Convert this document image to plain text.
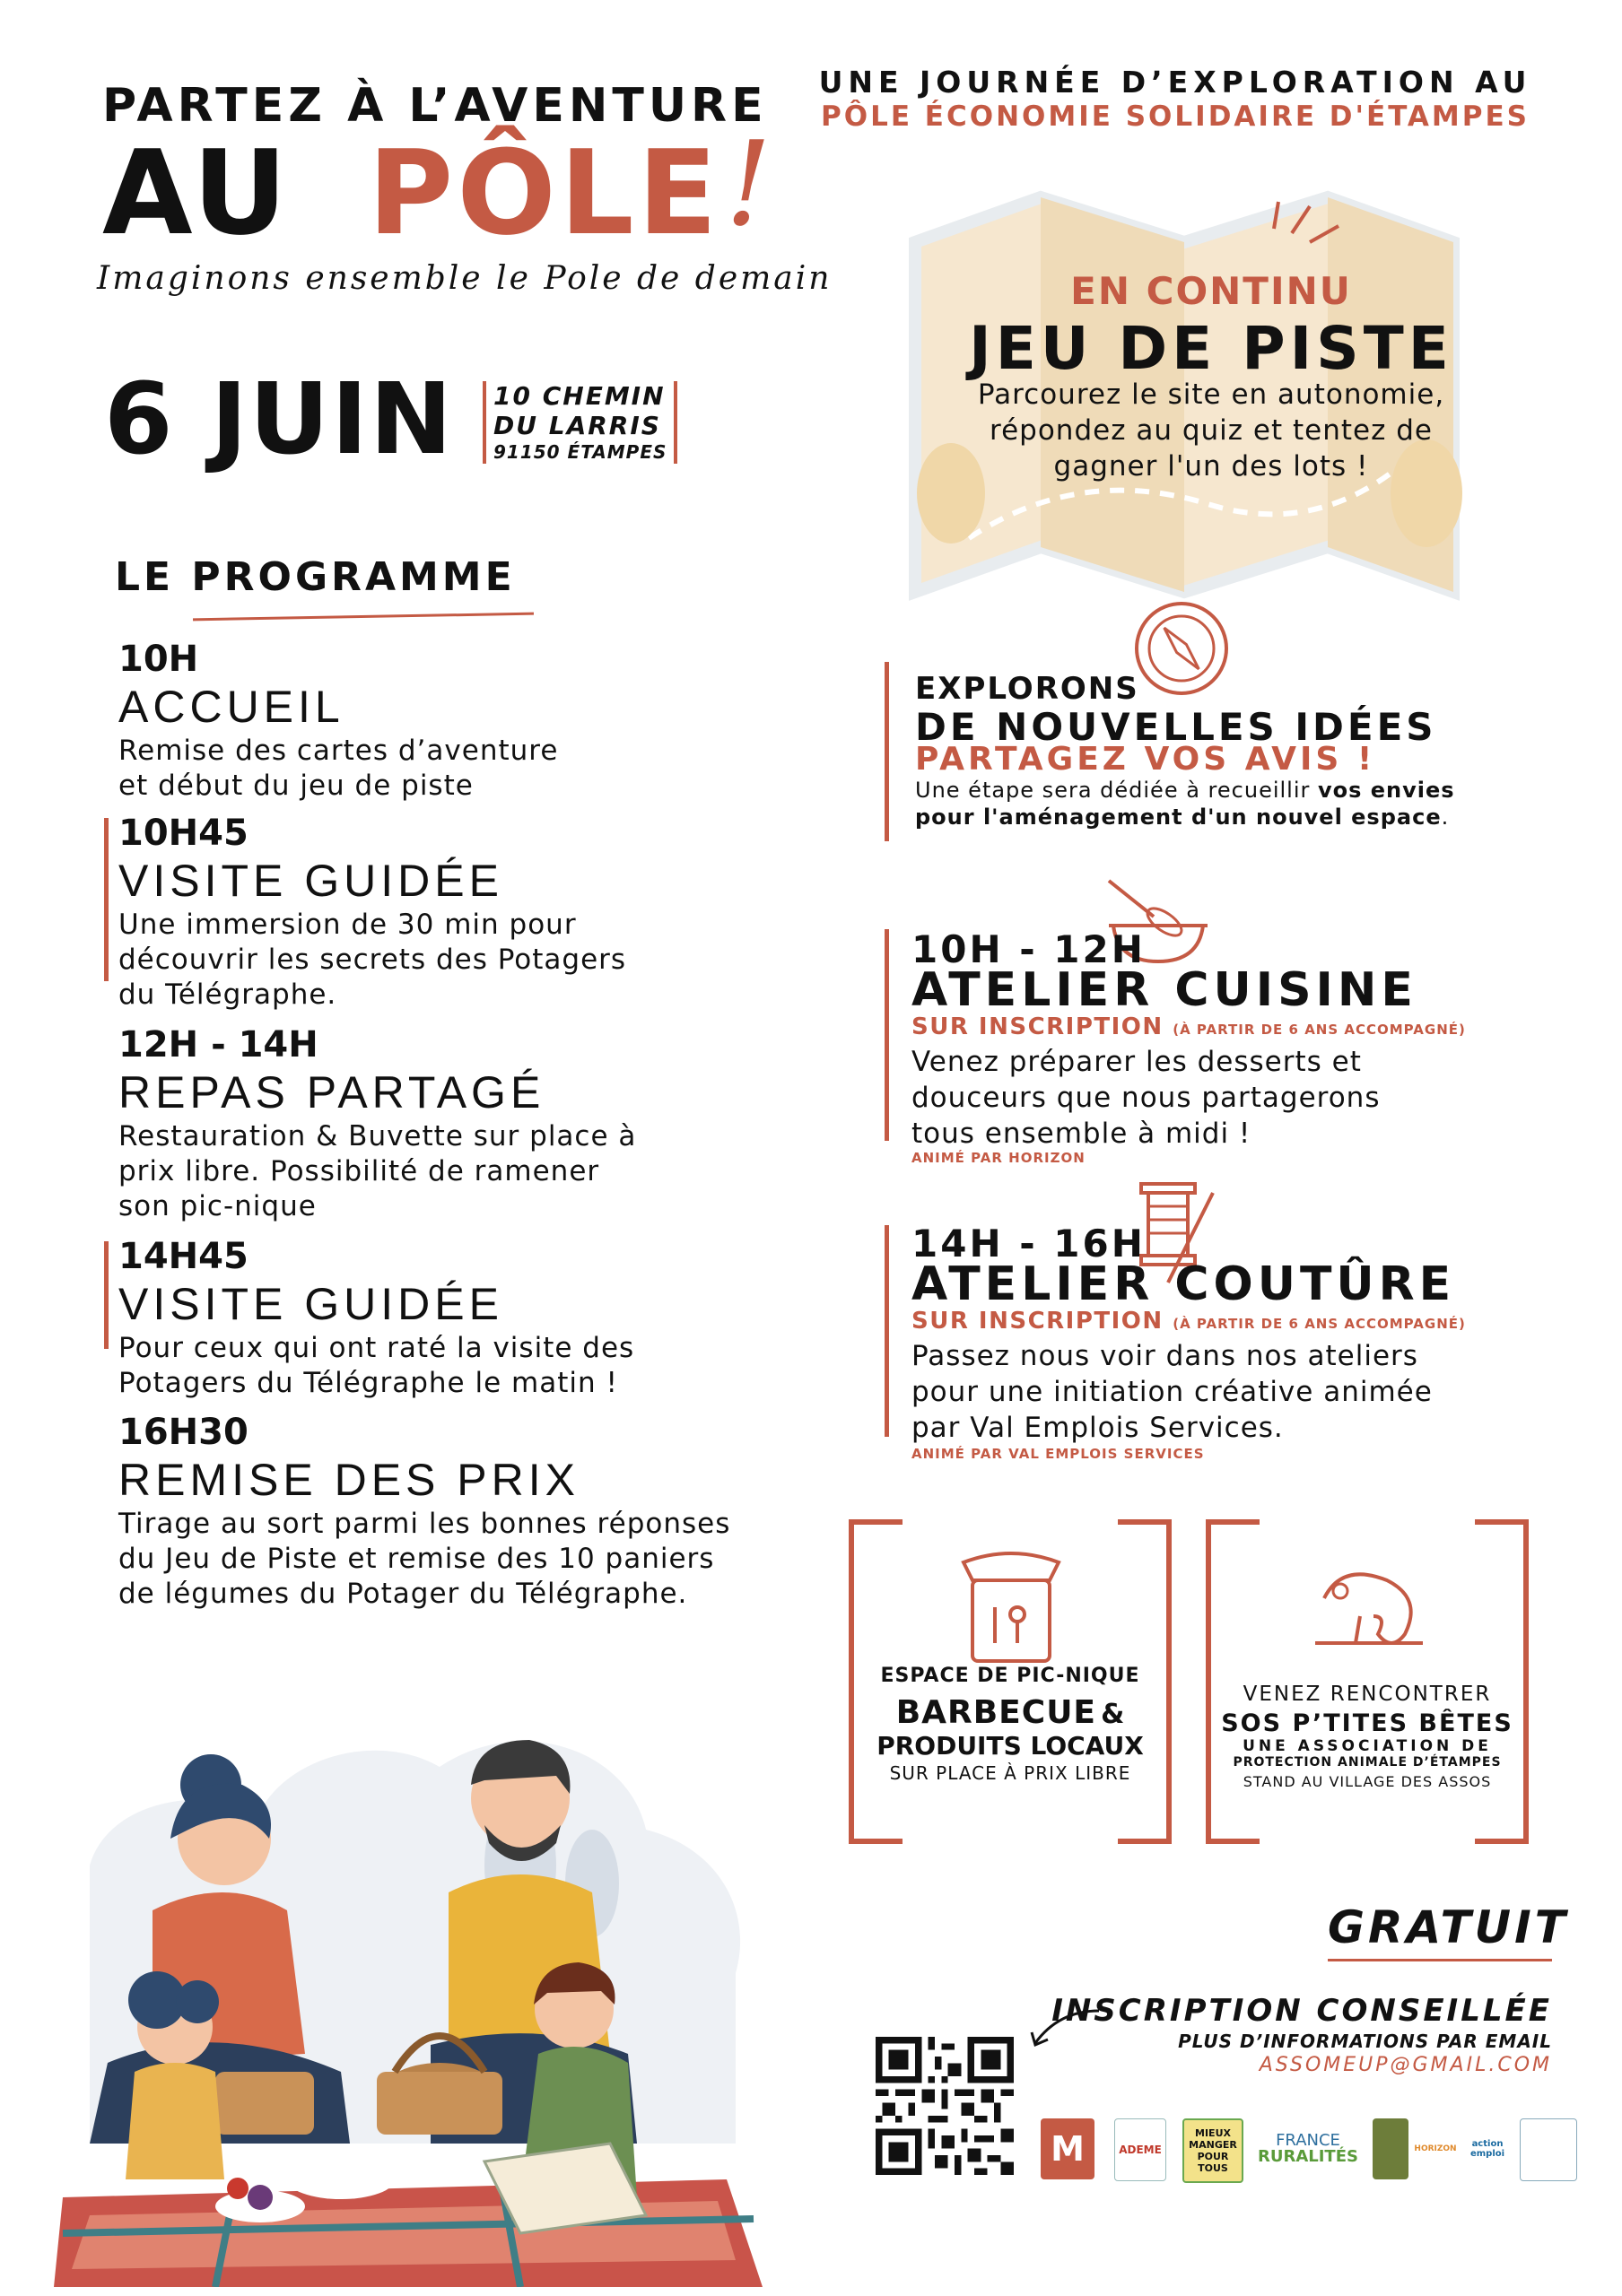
PARTEZ À L’AVENTURE
AU PÔLE !
Imaginons ensemble le Pole de demain
6 JUIN 10 CHEMIN
DU LARRIS
91150 ÉTAMPES
LE PROGRAMME
10H
ACCUEIL
Remise des cartes d’aventure
et début du jeu de piste
10H45
VISITE GUIDÉE
Une immersion de 30 min pour
découvrir les secrets des Potagers
du Télégraphe.
12H - 14H
REPAS PARTAGÉ
Restauration & Buvette sur place à
prix libre. Possibilité de ramener
son pic-nique
14H45
VISITE GUIDÉE
Pour ceux qui ont raté la visite des
Potagers du Télégraphe le matin !
16H30
REMISE DES PRIX
Tirage au sort parmi les bonnes réponses
du Jeu de Piste et remise des 10 paniers
de légumes du Potager du Télégraphe.
UNE JOURNÉE D’EXPLORATION AU
PÔLE ÉCONOMIE SOLIDAIRE D'ÉTAMPES
EN CONTINU
JEU DE PISTE
Parcourez le site en autonomie,
répondez au quiz et tentez de
gagner l'un des lots !
EXPLORONS
DE NOUVELLES IDÉES
PARTAGEZ VOS AVIS !
Une étape sera dédiée à recueillir vos envies
pour l'aménagement d'un nouvel espace.
10H - 12H
ATELIER CUISINE
SUR INSCRIPTION (À PARTIR DE 6 ANS ACCOMPAGNÉ)
Venez préparer les desserts et
douceurs que nous partagerons
tous ensemble à midi !
ANIMÉ PAR HORIZON
14H - 16H
ATELIER COUTÛRE
SUR INSCRIPTION (À PARTIR DE 6 ANS ACCOMPAGNÉ)
Passez nous voir dans nos ateliers
pour une initiation créative animée
par Val Emplois Services.
ANIMÉ PAR VAL EMPLOIS SERVICES
ESPACE DE PIC-NIQUE
BARBECUE &
PRODUITS LOCAUX
SUR PLACE À PRIX LIBRE
VENEZ RENCONTRER
SOS P’TITES BÊTES
UNE ASSOCIATION DE
PROTECTION ANIMALE D’ÉTAMPES
STAND AU VILLAGE DES ASSOS
GRATUIT
INSCRIPTION CONSEILLÉE
PLUS D’INFORMATIONS PAR EMAIL
ASSOMEUP@GMAIL.COM
M	ADEME
MIEUX
MANGER
POUR TOUS
FRANCE
RURALITÉS	HORIZON	action emploi
